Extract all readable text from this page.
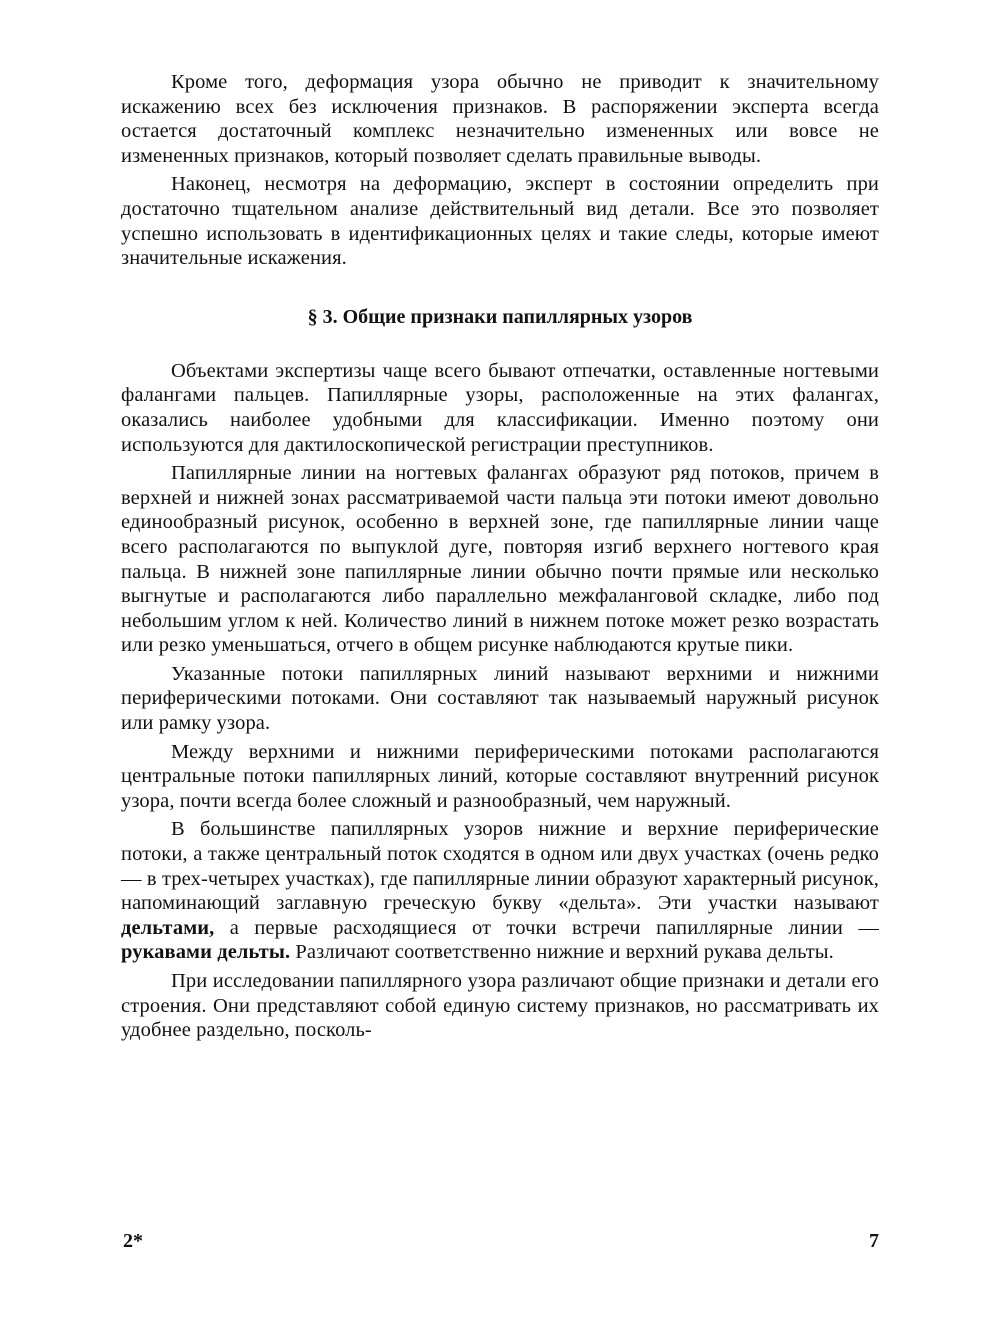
Кроме того, деформация узора обычно не приводит к значительному искажению всех без исключения признаков. В распоряжении эксперта всегда остается достаточный комплекс незначительно измененных или вовсе не измененных признаков, который позволяет сделать правильные выводы.

Наконец, несмотря на деформацию, эксперт в состоянии определить при достаточно тщательном анализе действительный вид детали. Все это позволяет успешно использовать в идентификационных целях и такие следы, которые имеют значительные искажения.

§ 3. Общие признаки папиллярных узоров

Объектами экспертизы чаще всего бывают отпечатки, оставленные ногтевыми фалангами пальцев. Папиллярные узоры, расположенные на этих фалангах, оказались наиболее удобными для классификации. Именно поэтому они используются для дактилоскопической регистрации преступников.

Папиллярные линии на ногтевых фалангах образуют ряд потоков, причем в верхней и нижней зонах рассматриваемой части пальца эти потоки имеют довольно единообразный рисунок, особенно в верхней зоне, где папиллярные линии чаще всего располагаются по выпуклой дуге, повторяя изгиб верхнего ногтевого края пальца. В нижней зоне папиллярные линии обычно почти прямые или несколько выгнутые и располагаются либо параллельно межфаланговой складке, либо под небольшим углом к ней. Количество линий в нижнем потоке может резко возрастать или резко уменьшаться, отчего в общем рисунке наблюдаются крутые пики.

Указанные потоки папиллярных линий называют верхними и нижними периферическими потоками. Они составляют так называемый наружный рисунок или рамку узора.

Между верхними и нижними периферическими потоками располагаются центральные потоки папиллярных линий, которые составляют внутренний рисунок узора, почти всегда более сложный и разнообразный, чем наружный.

В большинстве папиллярных узоров нижние и верхние периферические потоки, а также центральный поток сходятся в одном или двух участках (очень редко — в трех-четырех участках), где папиллярные линии образуют характерный рисунок, напоминающий заглавную греческую букву «дельта». Эти участки называют дельтами, а первые расходящиеся от точки встречи папиллярные линии — рукавами дельты. Различают соответственно нижние и верхний рукава дельты.

При исследовании папиллярного узора различают общие признаки и детали его строения. Они представляют собой единую систему признаков, но рассматривать их удобнее раздельно, посколь-

2*	7
